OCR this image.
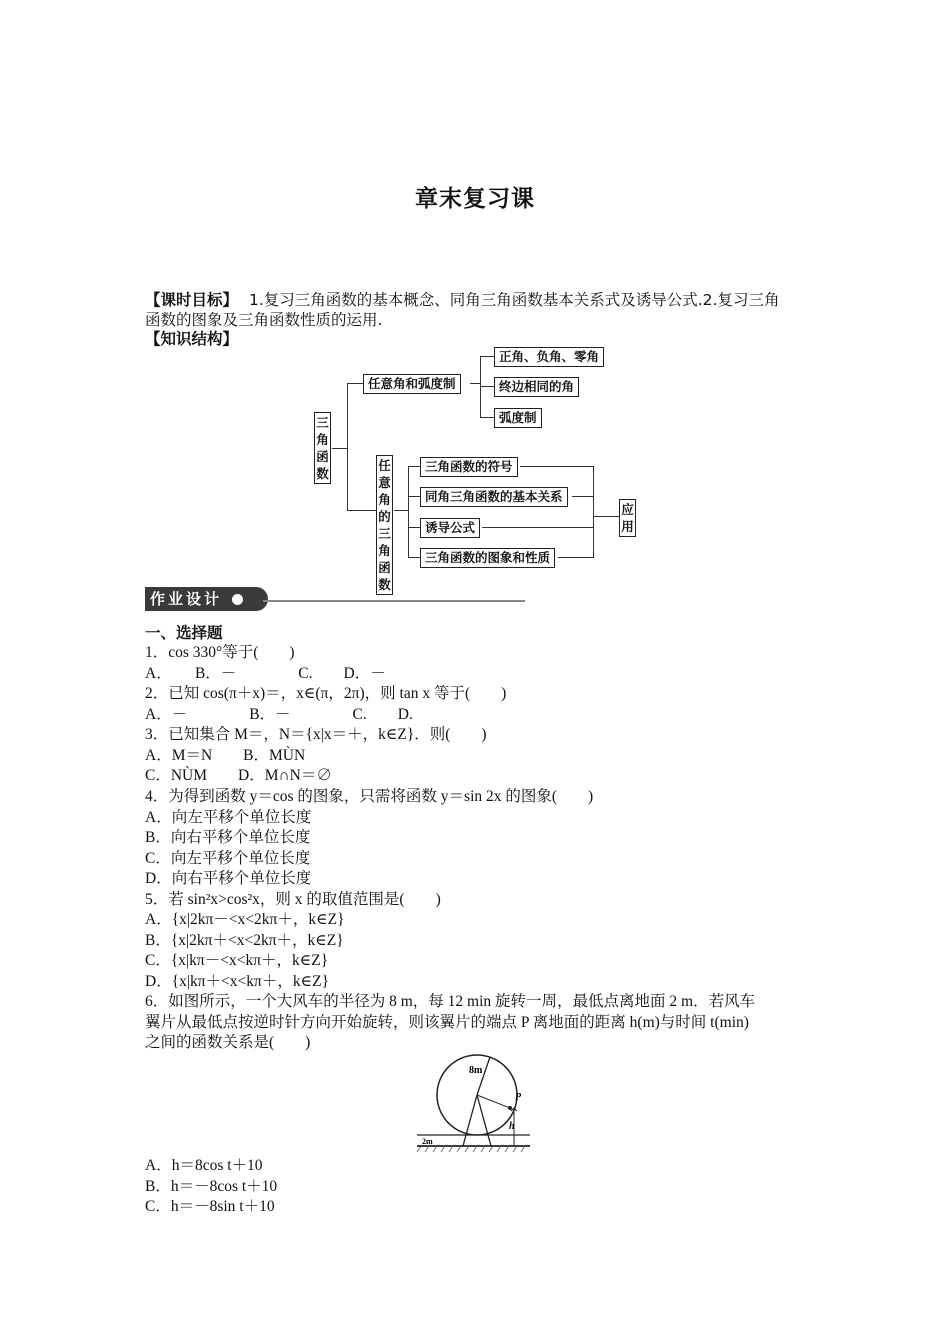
章末复习课
【课时目标】 1.复习三角函数的基本概念、同角三角函数基本关系式及诱导公式.2.复习三角
函数的图象及三角函数性质的运用.
【知识结构】
三角函数
任意角和弧度制
正角、负角、零角
终边相同的角
弧度制
任意角的三角函数
三角函数的符号
同角三角函数的基本关系
诱导公式
三角函数的图象和性质
应用
作业设计
一、选择题
1．cos 330°等于(　　)
A．　　B．－　　　　C.　　D．－
2．已知 cos(π＋x)＝，x∈(π，2π)，则 tan x 等于(　　)
A．－　　　　B．－　　　　C.　　D.
3．已知集合 M＝，N＝{x|x＝＋，k∈Z}．则(　　)
A．M＝N　　B．MÙN
C．NÙM　　D．M∩N＝∅
4．为得到函数 y＝cos 的图象，只需将函数 y＝sin 2x 的图象(　　)
A．向左平移个单位长度
B．向右平移个单位长度
C．向左平移个单位长度
D．向右平移个单位长度
5．若 sin²x>cos²x，则 x 的取值范围是(　　)
A．{x|2kπ－<x<2kπ＋，k∈Z}
B．{x|2kπ＋<x<2kπ＋，k∈Z}
C．{x|kπ－<x<kπ＋，k∈Z}
D．{x|kπ＋<x<kπ＋，k∈Z}
6．如图所示，一个大风车的半径为 8 m，每 12 min 旋转一周，最低点离地面 2 m．若风车
翼片从最低点按逆时针方向开始旋转，则该翼片的端点 P 离地面的距离 h(m)与时间 t(min)
之间的函数关系是(　　)
8m
P
h
2m
A．h＝8cos t＋10
B．h＝－8cos t＋10
C．h＝－8sin t＋10
